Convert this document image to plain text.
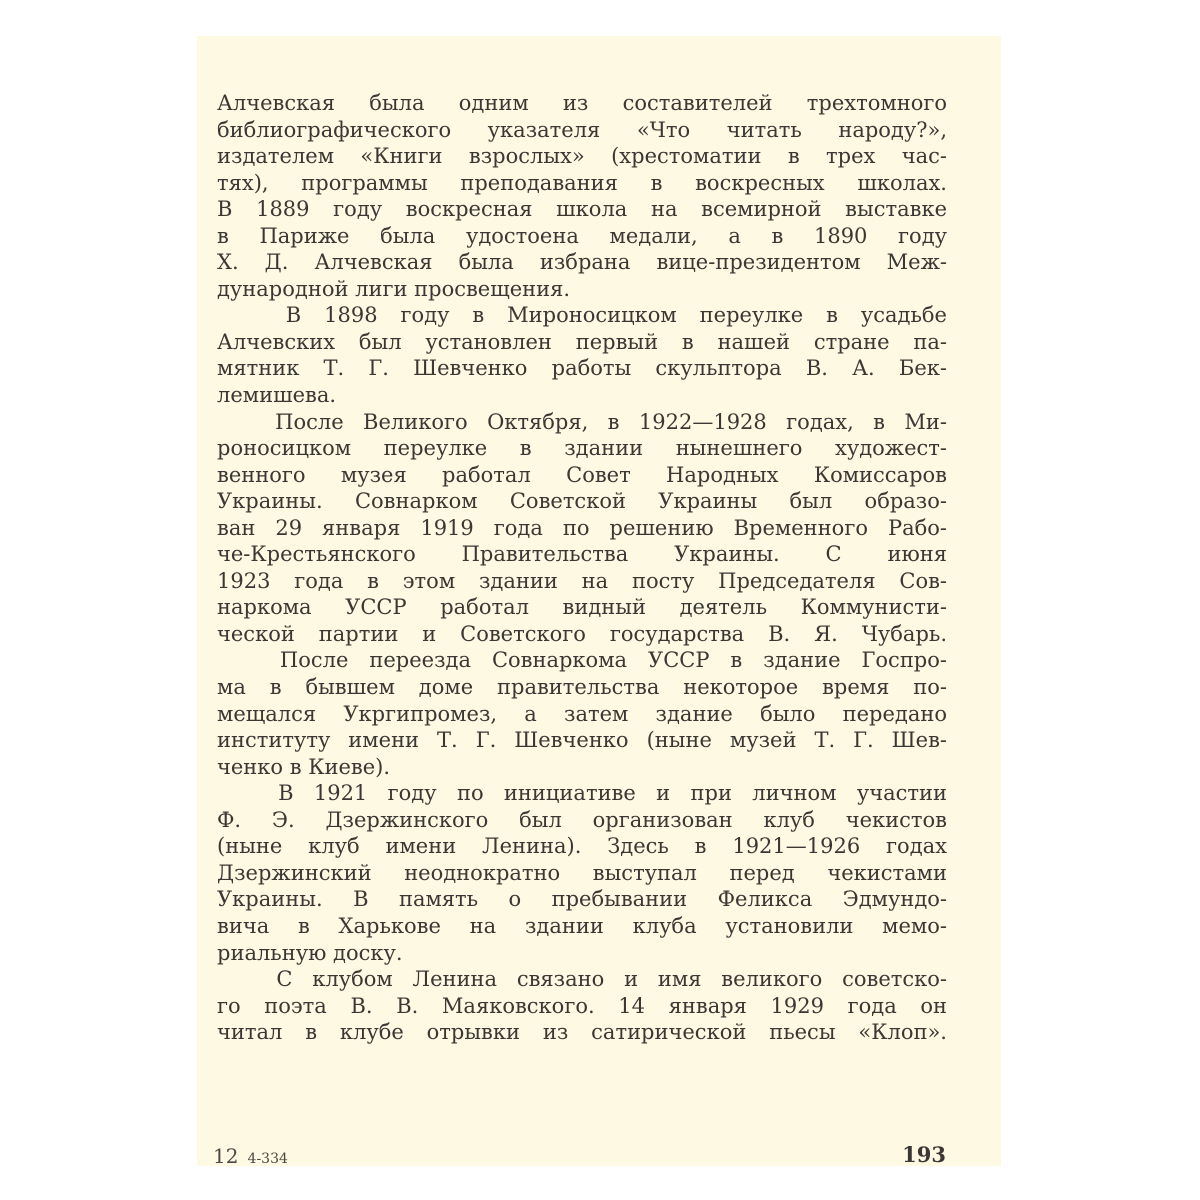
Алчевская была одним из составителей трехтомного
библиографического указателя «Что читать народу?»,
издателем «Книги взрослых» (хрестоматии в трех час-
тях), программы преподавания в воскресных школах.
В 1889 году воскресная школа на всемирной выставке
в Париже была удостоена медали, а в 1890 году
Х. Д. Алчевская была избрана вице-президентом Меж-
дународной лиги просвещения.
В 1898 году в Мироносицком переулке в усадьбе
Алчевских был установлен первый в нашей стране па-
мятник Т. Г. Шевченко работы скульптора В. А. Бек-
лемишева.
После Великого Октября, в 1922—1928 годах, в Ми-
роносицком переулке в здании нынешнего художест-
венного музея работал Совет Народных Комиссаров
Украины. Совнарком Советской Украины был образо-
ван 29 января 1919 года по решению Временного Рабо-
че-Крестьянского Правительства Украины. С июня
1923 года в этом здании на посту Председателя Сов-
наркома УССР работал видный деятель Коммунисти-
ческой партии и Советского государства В. Я. Чубарь.
После переезда Совнаркома УССР в здание Госпро-
ма в бывшем доме правительства некоторое время по-
мещался Укргипромез, а затем здание было передано
институту имени Т. Г. Шевченко (ныне музей Т. Г. Шев-
ченко в Киеве).
В 1921 году по инициативе и при личном участии
Ф. Э. Дзержинского был организован клуб чекистов
(ныне клуб имени Ленина). Здесь в 1921—1926 годах
Дзержинский неоднократно выступал перед чекистами
Украины. В память о пребывании Феликса Эдмундо-
вича в Харькове на здании клуба установили мемо-
риальную доску.
С клубом Ленина связано и имя великого советско-
го поэта В. В. Маяковского. 14 января 1929 года он
читал в клубе отрывки из сатирической пьесы «Клоп».
12 4-334	193
